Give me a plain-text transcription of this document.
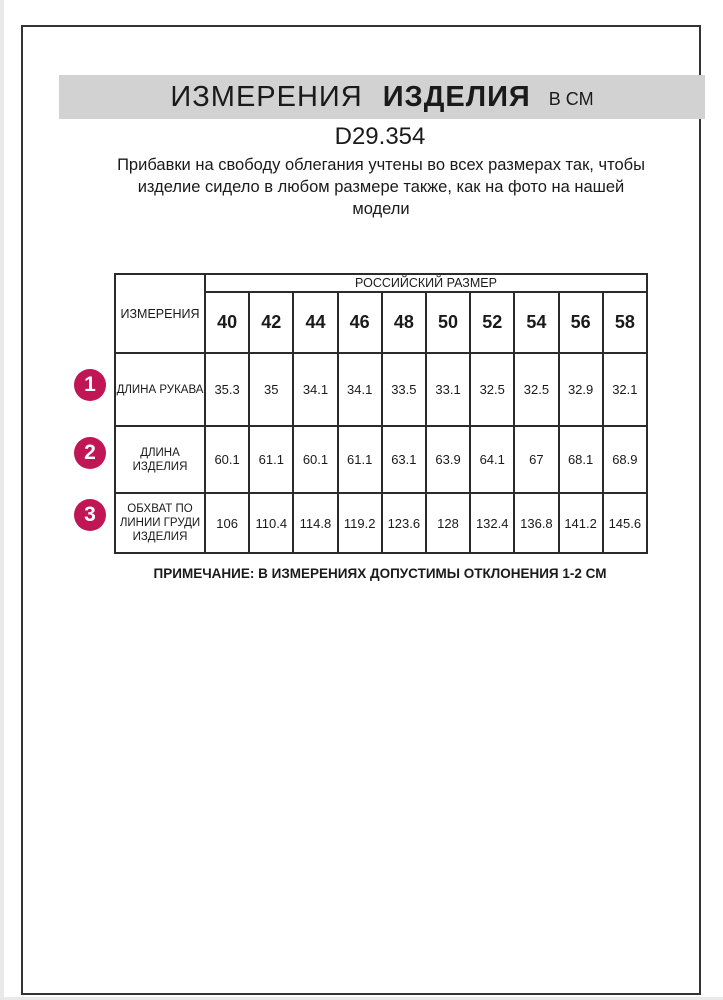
ИЗМЕРЕНИЯ ИЗДЕЛИЯ В СМ
D29.354
Прибавки на свободу облегания учтены во всех размерах так, чтобы изделие сидело в любом размере также, как на фото на нашей модели
ИЗМЕРЕНИЯ	РОССИЙСКИЙ РАЗМЕР									
	40	42	44	46	48	50	52	54	56	58
ДЛИНА РУКАВА	35.3	35	34.1	34.1	33.5	33.1	32.5	32.5	32.9	32.1
ДЛИНА ИЗДЕЛИЯ	60.1	61.1	60.1	61.1	63.1	63.9	64.1	67	68.1	68.9
ОБХВАТ ПО ЛИНИИ ГРУДИ ИЗДЕЛИЯ	106	110.4	114.8	119.2	123.6	128	132.4	136.8	141.2	145.6
1
2
3
ПРИМЕЧАНИЕ: В ИЗМЕРЕНИЯХ ДОПУСТИМЫ ОТКЛОНЕНИЯ 1-2 СМ
